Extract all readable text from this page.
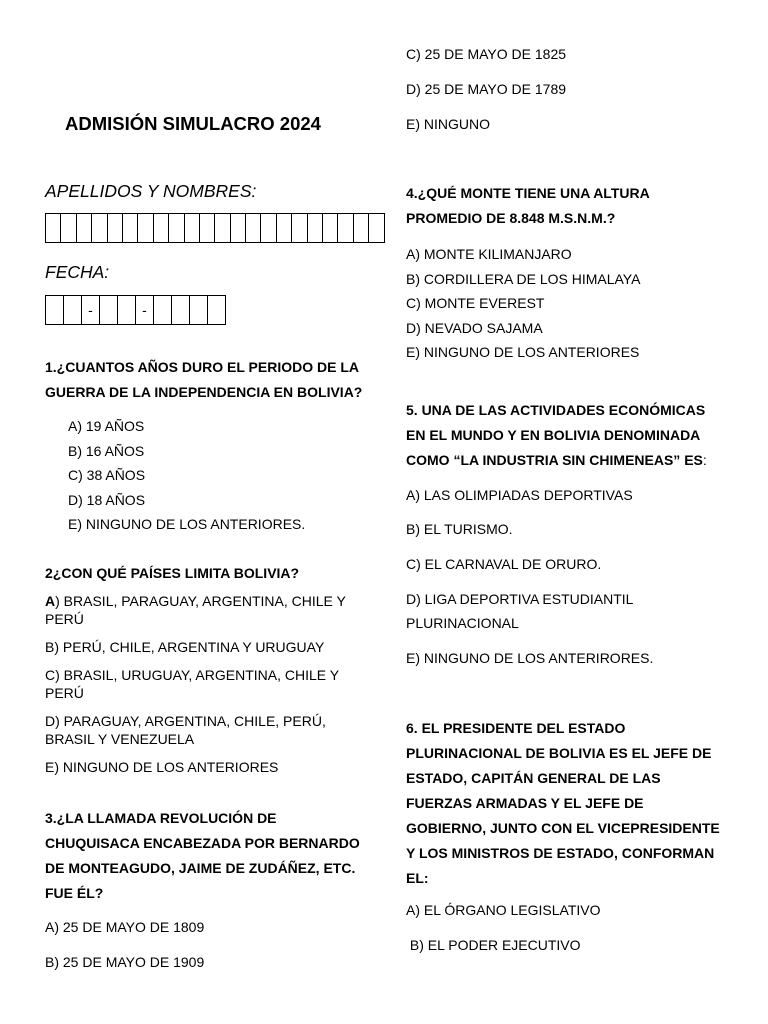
ADMISIÓN SIMULACRO 2024
APELLIDOS Y NOMBRES:
FECHA:
-	-
1.¿CUANTOS AÑOS DURO EL PERIODO DE LA
GUERRA DE LA INDEPENDENCIA EN BOLIVIA?
A) 19 AÑOS
B) 16 AÑOS
C) 38 AÑOS
D) 18 AÑOS
E) NINGUNO DE LOS ANTERIORES.
2¿CON QUÉ PAÍSES LIMITA BOLIVIA?
A) BRASIL, PARAGUAY, ARGENTINA, CHILE Y PERÚ
B) PERÚ, CHILE, ARGENTINA Y URUGUAY
C) BRASIL, URUGUAY, ARGENTINA, CHILE Y PERÚ
D) PARAGUAY, ARGENTINA, CHILE, PERÚ, BRASIL Y VENEZUELA
E) NINGUNO DE LOS ANTERIORES
3.¿LA LLAMADA REVOLUCIÓN DE
CHUQUISACA ENCABEZADA POR BERNARDO
DE MONTEAGUDO, JAIME DE ZUDÁÑEZ, ETC.
FUE ÉL?
A) 25 DE MAYO DE 1809
B) 25 DE MAYO DE 1909
C) 25 DE MAYO DE 1825
D) 25 DE MAYO DE 1789
E) NINGUNO
4.¿QUÉ MONTE TIENE UNA ALTURA
PROMEDIO DE 8.848 M.S.N.M.?
A) MONTE KILIMANJARO
B) CORDILLERA DE LOS HIMALAYA
C) MONTE EVEREST
D) NEVADO SAJAMA
E) NINGUNO DE LOS ANTERIORES
5. UNA DE LAS ACTIVIDADES ECONÓMICAS
EN EL MUNDO Y EN BOLIVIA DENOMINADA
COMO “LA INDUSTRIA SIN CHIMENEAS” ES:
A) LAS OLIMPIADAS DEPORTIVAS
B) EL TURISMO.
C) EL CARNAVAL DE ORURO.
D) LIGA DEPORTIVA ESTUDIANTIL
PLURINACIONAL
E) NINGUNO DE LOS ANTERIRORES.
6. EL PRESIDENTE DEL ESTADO
PLURINACIONAL DE BOLIVIA ES EL JEFE DE
ESTADO, CAPITÁN GENERAL DE LAS
FUERZAS ARMADAS Y EL JEFE DE
GOBIERNO, JUNTO CON EL VICEPRESIDENTE
Y LOS MINISTROS DE ESTADO, CONFORMAN
EL:
A) EL ÓRGANO LEGISLATIVO
B) EL PODER EJECUTIVO
